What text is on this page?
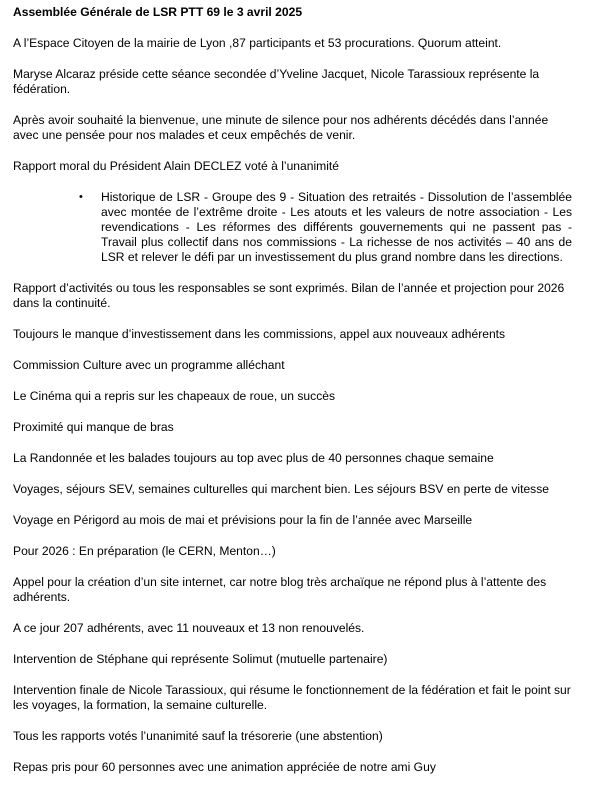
Assemblée Générale de LSR PTT 69 le 3 avril 2025

A l’Espace Citoyen de la mairie de Lyon ,87 participants et 53 procurations. Quorum atteint.

Maryse Alcaraz préside cette séance secondée d’Yveline Jacquet, Nicole Tarassioux représente la fédération.

Après avoir souhaité la bienvenue, une minute de silence pour nos adhérents décédés dans l’année avec une pensée pour nos malades et ceux empêchés de venir.

Rapport moral du Président Alain DECLEZ voté à l’unanimité

• Historique de LSR - Groupe des 9 - Situation des retraités - Dissolution de l’assemblée avec montée de l’extrême droite - Les atouts et les valeurs de notre association - Les revendications - Les réformes des différents gouvernements qui ne passent pas - Travail plus collectif dans nos commissions - La richesse de nos activités – 40 ans de LSR et relever le défi par un investissement du plus grand nombre dans les directions.

Rapport d’activités ou tous les responsables se sont exprimés. Bilan de l’année et projection pour 2026 dans la continuité.

Toujours le manque d’investissement dans les commissions, appel aux nouveaux adhérents

Commission Culture avec un programme alléchant

Le Cinéma qui a repris sur les chapeaux de roue, un succès

Proximité qui manque de bras

La Randonnée et les balades toujours au top avec plus de 40 personnes chaque semaine

Voyages, séjours SEV, semaines culturelles qui marchent bien. Les séjours BSV en perte de vitesse

Voyage en Périgord au mois de mai et prévisions pour la fin de l’année avec Marseille

Pour 2026 : En préparation (le CERN, Menton…)

Appel pour la création d’un site internet, car notre blog très archaïque ne répond plus à l’attente des adhérents.

A ce jour 207 adhérents, avec 11 nouveaux et 13 non renouvelés.

Intervention de Stéphane qui représente Solimut (mutuelle partenaire)

Intervention finale de Nicole Tarassioux, qui résume le fonctionnement de la fédération et fait le point sur les voyages, la formation, la semaine culturelle.

Tous les rapports votés l’unanimité sauf la trésorerie (une abstention)

Repas pris pour 60 personnes avec une animation appréciée de notre ami Guy
